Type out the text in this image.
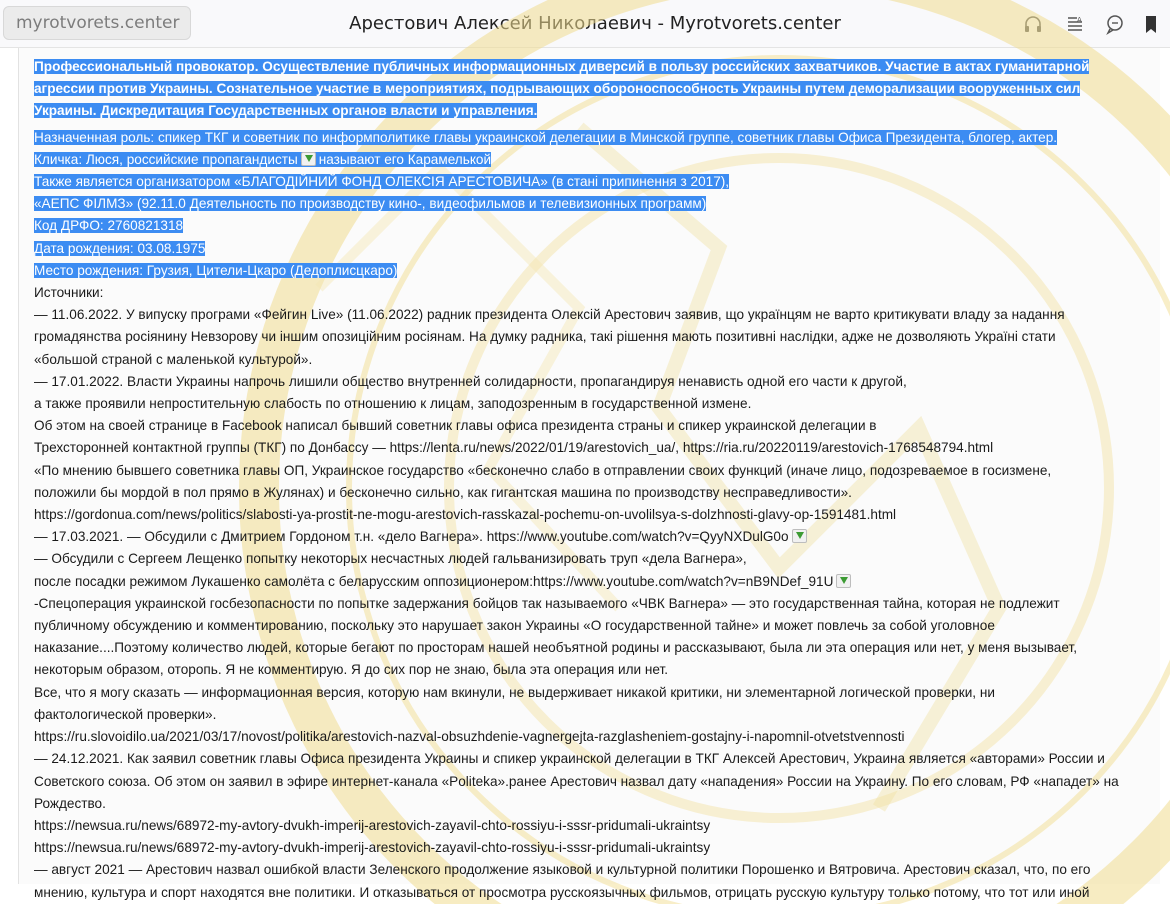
myrotvorets.center	Арестович Алексей Николаевич - Myrotvorets.center	A
Профессиональный провокатор. Осуществление публичных информационных диверсий в пользу российских захватчиков. Участие в актах гуманитарной
агрессии против Украины. Сознательное участие в мероприятиях, подрывающих обороноспособность Украины путем деморализации вооруженных сил
Украины. Дискредитация Государственных органов власти и управления.
Назначенная роль: спикер ТКГ и советник по информполитике главы украинской делегации в Минской группе, советник главы Офиса Президента, блогер, актер.
Кличка: Люся, российские пропагандисты называют его Карамелькой
Также является организатором «БЛАГОДІЙНИЙ ФОНД ОЛЕКСІЯ АРЕСТОВИЧА» (в стані припинення з 2017),
«АЕПС ФІЛМЗ» (92.11.0 Деятельность по производству кино-, видеофильмов и телевизионных программ)
Код ДРФО: 2760821318
Дата рождения: 03.08.1975
Место рождения: Грузия, Цители-Цкаро (Дедоплисцкаро)
Источники:
— 11.06.2022. У випуску програми «Фейгин Live» (11.06.2022) радник президента Олексій Арестович заявив, що українцям не варто критикувати владу за надання
громадянства росіянину Невзорову чи іншим опозиційним росіянам. На думку радника, такі рішення мають позитивні наслідки, адже не дозволяють Україні стати
«большой страной с маленькой культурой».
— 17.01.2022. Власти Украины напрочь лишили общество внутренней солидарности, пропагандируя ненависть одной его части к другой,
а также проявили непростительную слабость по отношению к лицам, заподозренным в государственной измене.
Об этом на своей странице в Facebook написал бывший советник главы офиса президента страны и спикер украинской делегации в
Трехсторонней контактной группы (ТКГ) по Донбассу — https://lenta.ru/news/2022/01/19/arestovich_ua/, https://ria.ru/20220119/arestovich-1768548794.html
«По мнению бывшего советника главы ОП, Украинское государство «бесконечно слабо в отправлении своих функций (иначе лицо, подозреваемое в госизмене,
положили бы мордой в пол прямо в Жулянах) и бесконечно сильно, как гигантская машина по производству несправедливости».
https://gordonua.com/news/politics/slabosti-ya-prostit-ne-mogu-arestovich-rasskazal-pochemu-on-uvolilsya-s-dolzhnosti-glavy-op-1591481.html
— 17.03.2021. — Обсудили с Дмитрием Гордоном т.н. «дело Вагнера». https://www.youtube.com/watch?v=QyyNXDulG0o
— Обсудили с Сергеем Лещенко попытку некоторых несчастных людей гальванизировать труп «дела Вагнера»,
после посадки режимом Лукашенко самолёта с беларусским оппозиционером:https://www.youtube.com/watch?v=nB9NDef_91U
-Спецоперация украинской госбезопасности по попытке задержания бойцов так называемого «ЧВК Вагнера» — это государственная тайна, которая не подлежит
публичному обсуждению и комментированию, поскольку это нарушает закон Украины «О государственной тайне» и может повлечь за собой уголовное
наказание....Поэтому количество людей, которые бегают по просторам нашей необъятной родины и рассказывают, была ли эта операция или нет, у меня вызывает,
некоторым образом, оторопь. Я не комментирую. Я до сих пор не знаю, была эта операция или нет.
Все, что я могу сказать — информационная версия, которую нам вкинули, не выдерживает никакой критики, ни элементарной логической проверки, ни
фактологической проверки».
https://ru.slovoidilo.ua/2021/03/17/novost/politika/arestovich-nazval-obsuzhdenie-vagnergejta-razglasheniem-gostajny-i-napomnil-otvetstvennosti
— 24.12.2021. Как заявил советник главы Офиса президента Украины и спикер украинской делегации в ТКГ Алексей Арестович, Украина является «авторами» России и
Советского союза. Об этом он заявил в эфире интернет-канала «Politeka».ранее Арестович назвал дату «нападения» России на Украину. По его словам, РФ «нападет» на
Рождество.
https://newsua.ru/news/68972-my-avtory-dvukh-imperij-arestovich-zayavil-chto-rossiyu-i-sssr-pridumali-ukraintsy
https://newsua.ru/news/68972-my-avtory-dvukh-imperij-arestovich-zayavil-chto-rossiyu-i-sssr-pridumali-ukraintsy
— август 2021 — Арестович назвал ошибкой власти Зеленского продолжение языковой и культурной политики Порошенко и Вятровича. Арестович сказал, что, по его
мнению, культура и спорт находятся вне политики. И отказываться от просмотра русскоязычных фильмов, отрицать русскую культуру только потому, что тот или иной
